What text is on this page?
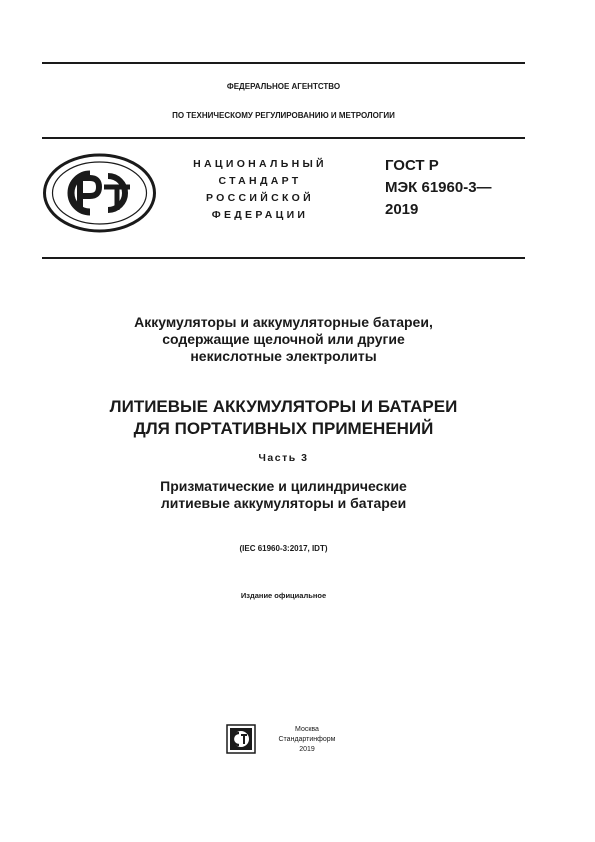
ФЕДЕРАЛЬНОЕ АГЕНТСТВО
ПО ТЕХНИЧЕСКОМУ РЕГУЛИРОВАНИЮ И МЕТРОЛОГИИ
НАЦИОНАЛЬНЫЙ
СТАНДАРТ
РОССИЙСКОЙ
ФЕДЕРАЦИИ
ГОСТ Р
МЭК 61960-3—
2019
Аккумуляторы и аккумуляторные батареи,
содержащие щелочной или другие
некислотные электролиты
ЛИТИЕВЫЕ АККУМУЛЯТОРЫ И БАТАРЕИ
ДЛЯ ПОРТАТИВНЫХ ПРИМЕНЕНИЙ
Часть 3
Призматические и цилиндрические
литиевые аккумуляторы и батареи
(IEC 61960-3:2017, IDT)
Издание официальное
Москва
Стандартинформ
2019
